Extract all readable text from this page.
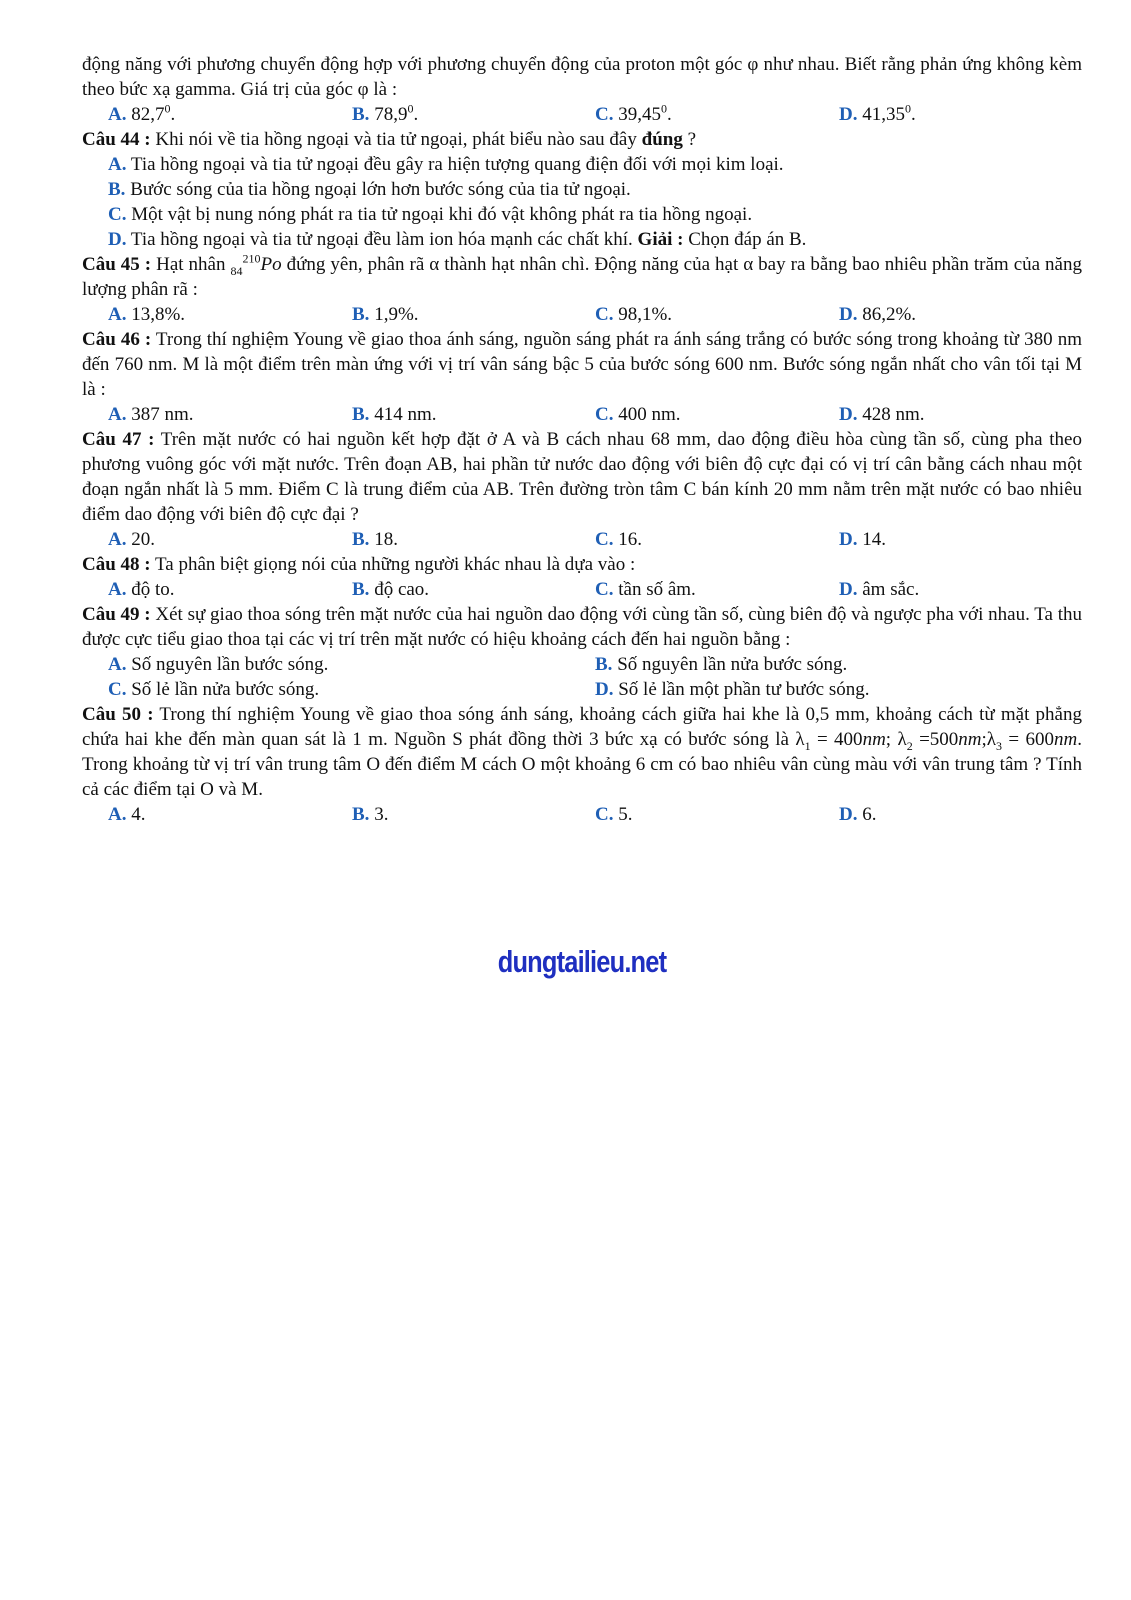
động năng với phương chuyển động hợp với phương chuyển động của proton một góc φ như nhau. Biết rằng phản ứng không kèm theo bức xạ gamma. Giá trị của góc φ là :

A. 82,7$^0$.	B. 78,9$^0$.	C. 39,45$^0$.	D. 41,35$^0$.

Câu 44 : Khi nói về tia hồng ngoại và tia tử ngoại, phát biểu nào sau đây đúng ?

A. Tia hồng ngoại và tia tử ngoại đều gây ra hiện tượng quang điện đối với mọi kim loại.
B. Bước sóng của tia hồng ngoại lớn hơn bước sóng của tia tử ngoại.
C. Một vật bị nung nóng phát ra tia tử ngoại khi đó vật không phát ra tia hồng ngoại.
D. Tia hồng ngoại và tia tử ngoại đều làm ion hóa mạnh các chất khí. Giải : Chọn đáp án B.

Câu 45 : Hạt nhân $_{84}^{210}$Po đứng yên, phân rã α thành hạt nhân chì. Động năng của hạt α bay ra bằng bao nhiêu phần trăm của năng lượng phân rã :

A. 13,8%.	B. 1,9%.	C. 98,1%.	D. 86,2%.

Câu 46 : Trong thí nghiệm Young về giao thoa ánh sáng, nguồn sáng phát ra ánh sáng trắng có bước sóng trong khoảng từ 380 nm đến 760 nm. M là một điểm trên màn ứng với vị trí vân sáng bậc 5 của bước sóng 600 nm. Bước sóng ngắn nhất cho vân tối tại M là :

A. 387 nm.	B. 414 nm.	C. 400 nm.	D. 428 nm.

Câu 47 : Trên mặt nước có hai nguồn kết hợp đặt ở A và B cách nhau 68 mm, dao động điều hòa cùng tần số, cùng pha theo phương vuông góc với mặt nước. Trên đoạn AB, hai phần tử nước dao động với biên độ cực đại có vị trí cân bằng cách nhau một đoạn ngắn nhất là 5 mm. Điểm C là trung điểm của AB. Trên đường tròn tâm C bán kính 20 mm nằm trên mặt nước có bao nhiêu điểm dao động với biên độ cực đại ?

A. 20.	B. 18.	C. 16.	D. 14.

Câu 48 : Ta phân biệt giọng nói của những người khác nhau là dựa vào :

A. độ to.	B. độ cao.	C. tần số âm.	D. âm sắc.

Câu 49 : Xét sự giao thoa sóng trên mặt nước của hai nguồn dao động với cùng tần số, cùng biên độ và ngược pha với nhau. Ta thu được cực tiểu giao thoa tại các vị trí trên mặt nước có hiệu khoảng cách đến hai nguồn bằng :

A. Số nguyên lần bước sóng.	B. Số nguyên lần nửa bước sóng.
C. Số lẻ lần nửa bước sóng.	D. Số lẻ lần một phần tư bước sóng.

Câu 50 : Trong thí nghiệm Young về giao thoa sóng ánh sáng, khoảng cách giữa hai khe là 0,5 mm, khoảng cách từ mặt phẳng chứa hai khe đến màn quan sát là 1 m. Nguồn S phát đồng thời 3 bức xạ có bước sóng là $\lambda_1 = 400nm$; $\lambda_2$ $=500nm;\lambda_3 = 600nm$. Trong khoảng từ vị trí vân trung tâm O đến điểm M cách O một khoảng 6 cm có bao nhiêu vân cùng màu với vân trung tâm ? Tính cả các điểm tại O và M.

A. 4.	B. 3.	C. 5.	D. 6.
dungtailieu.net
